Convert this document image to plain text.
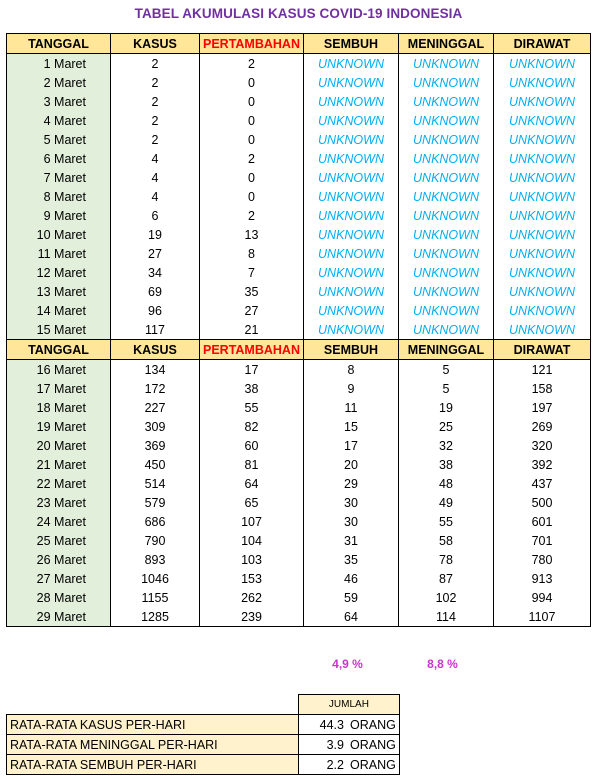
TABEL AKUMULASI KASUS COVID-19 INDONESIA
TANGGAL	KASUS	PERTAMBAHAN	SEMBUH	MENINGGAL	DIRAWAT
1 Maret	2	2	UNKNOWN	UNKNOWN	UNKNOWN
2 Maret	2	0	UNKNOWN	UNKNOWN	UNKNOWN
3 Maret	2	0	UNKNOWN	UNKNOWN	UNKNOWN
4 Maret	2	0	UNKNOWN	UNKNOWN	UNKNOWN
5 Maret	2	0	UNKNOWN	UNKNOWN	UNKNOWN
6 Maret	4	2	UNKNOWN	UNKNOWN	UNKNOWN
7 Maret	4	0	UNKNOWN	UNKNOWN	UNKNOWN
8 Maret	4	0	UNKNOWN	UNKNOWN	UNKNOWN
9 Maret	6	2	UNKNOWN	UNKNOWN	UNKNOWN
10 Maret	19	13	UNKNOWN	UNKNOWN	UNKNOWN
11 Maret	27	8	UNKNOWN	UNKNOWN	UNKNOWN
12 Maret	34	7	UNKNOWN	UNKNOWN	UNKNOWN
13 Maret	69	35	UNKNOWN	UNKNOWN	UNKNOWN
14 Maret	96	27	UNKNOWN	UNKNOWN	UNKNOWN
15 Maret	117	21	UNKNOWN	UNKNOWN	UNKNOWN
TANGGAL	KASUS	PERTAMBAHAN	SEMBUH	MENINGGAL	DIRAWAT
16 Maret	134	17	8	5	121
17 Maret	172	38	9	5	158
18 Maret	227	55	11	19	197
19 Maret	309	82	15	25	269
20 Maret	369	60	17	32	320
21 Maret	450	81	20	38	392
22 Maret	514	64	29	48	437
23 Maret	579	65	30	49	500
24 Maret	686	107	30	55	601
25 Maret	790	104	31	58	701
26 Maret	893	103	35	78	780
27 Maret	1046	153	46	87	913
28 Maret	1155	262	59	102	994
29 Maret	1285	239	64	114	1107
4,9 %	8,8 %
	JUMLAH
RATA-RATA KASUS PER-HARI	44.3 ORANG
RATA-RATA MENINGGAL PER-HARI	3.9 ORANG
RATA-RATA SEMBUH PER-HARI	2.2 ORANG
